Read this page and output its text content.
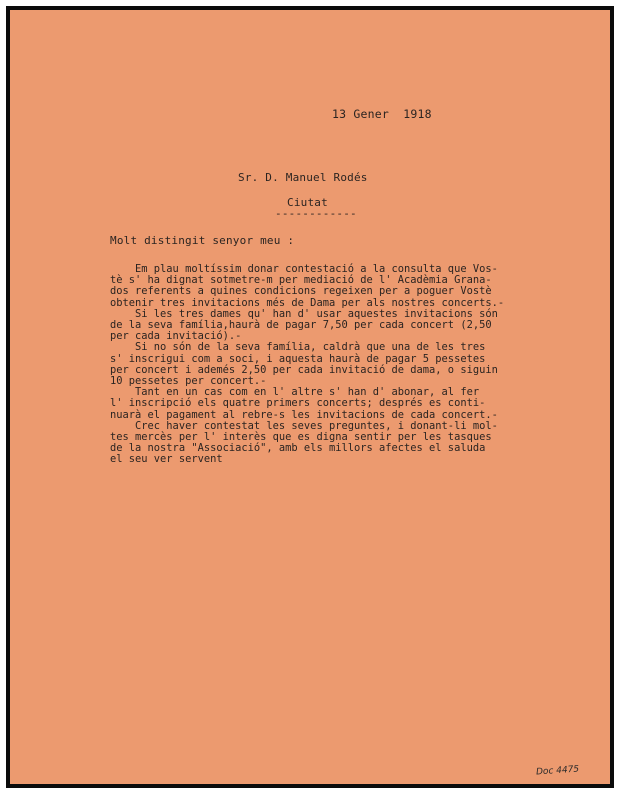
13 Gener  1918
Sr. D. Manuel Rodés
Ciutat
------------
Molt distingit senyor meu :
Em plau moltíssim donar contestació a la consulta que Vos-
tè s' ha dignat sotmetre-m per mediació de l' Acadèmia Grana-
dos referents a quines condicions regeixen per a poguer Vostè
obtenir tres invitacions més de Dama per als nostres concerts.-
Si les tres dames qu' han d' usar aquestes invitacions són
de la seva família,haurà de pagar 7,50 per cada concert (2,50
per cada invitació).-
Si no són de la seva família, caldrà que una de les tres
s' inscrigui com a soci, i aquesta haurà de pagar 5 pessetes
per concert i ademés 2,50 per cada invitació de dama, o siguin
10 pessetes per concert.-
Tant en un cas com en l' altre s' han d' abonar, al fer
l' inscripció els quatre primers concerts; després es conti-
nuarà el pagament al rebre-s les invitacions de cada concert.-
Crec haver contestat les seves preguntes, i donant-li mol-
tes mercès per l' interès que es digna sentir per les tasques
de la nostra "Associació", amb els millors afectes el saluda
el seu ver servent
Doc 4475
